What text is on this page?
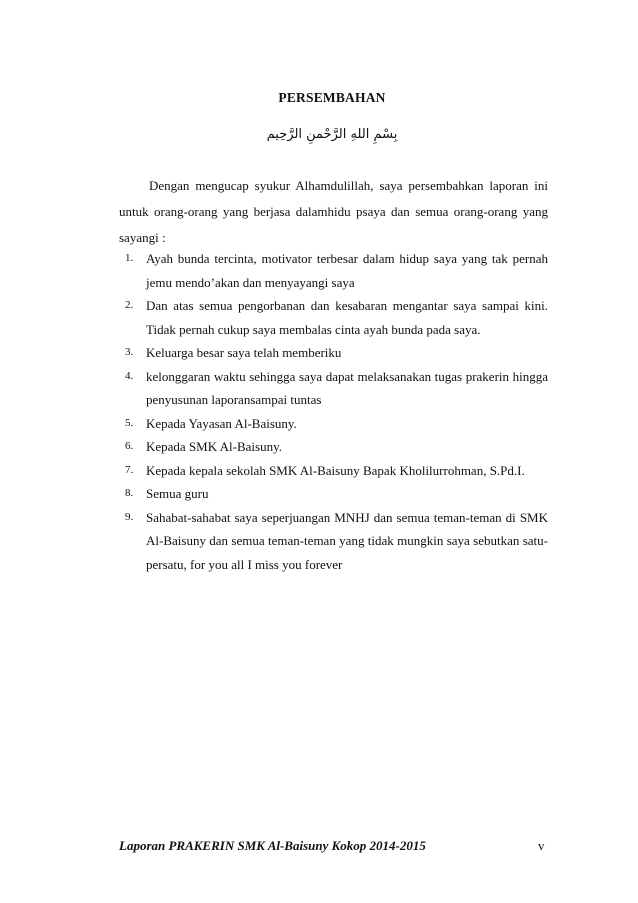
PERSEMBAHAN
بِسْمِ اللهِ الرَّحْمنِ الرَّحِيم

Dengan mengucap syukur Alhamdulillah, saya persembahkan laporan ini untuk orang-orang yang berjasa dalamhidu psaya dan semua orang-orang yang sayangi :

1. Ayah bunda tercinta, motivator terbesar dalam hidup saya yang tak pernah jemu mendo’akan dan menyayangi saya
2. Dan atas semua pengorbanan dan kesabaran mengantar saya sampai kini. Tidak pernah cukup saya membalas cinta ayah bunda pada saya.
3. Keluarga besar saya telah memberiku
4. kelonggaran waktu sehingga saya dapat melaksanakan tugas prakerin hingga penyusunan laporansampai tuntas
5. Kepada Yayasan Al-Baisuny.
6. Kepada SMK Al-Baisuny.
7. Kepada kepala sekolah SMK Al-Baisuny Bapak Kholilurrohman, S.Pd.I.
8. Semua guru
9. Sahabat-sahabat saya seperjuangan MNHJ dan semua teman-teman di SMK Al-Baisuny dan semua teman-teman yang tidak mungkin saya sebutkan satu-persatu, for you all I miss you forever
Laporan PRAKERIN SMK Al-Baisuny Kokop 2014-2015	v
